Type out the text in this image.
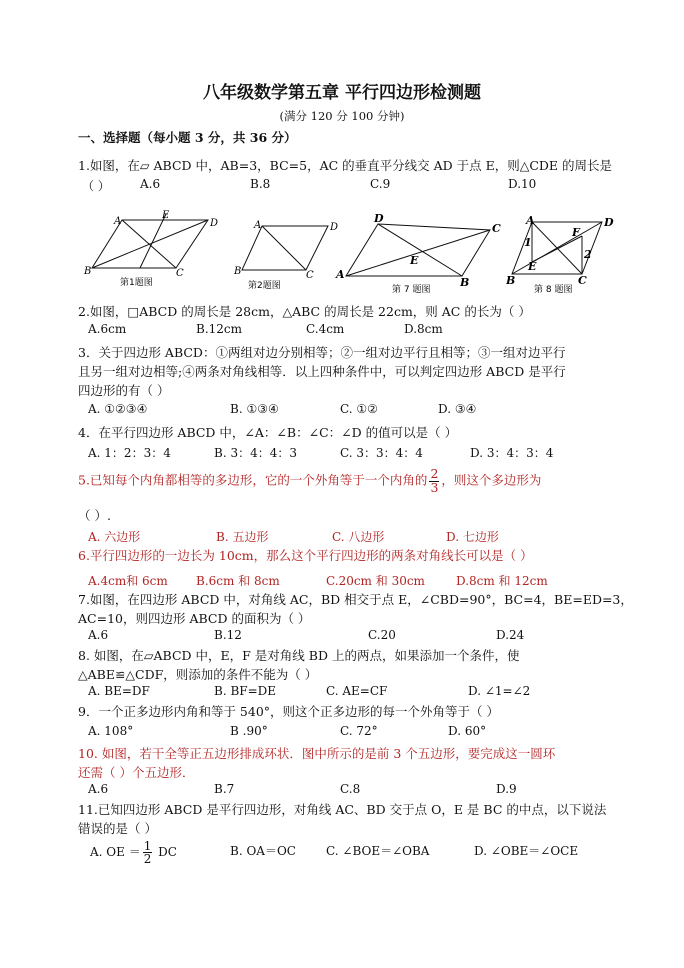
八年级数学第五章 平行四边形检测题
(满分 120 分 100 分钟)
一、选择题（每小题 3 分，共 36 分）
1.如图，在▱ ABCD 中，AB=3，BC=5，AC 的垂直平分线交 AD 于点 E，则△CDE 的周长是
（ ）	A.6	B.8	C.9	D.10
A
E
D
B	C
第1题图
A	D
B	C
第2题图
D
C
E
A
B
第 7 题图
A	D
F
1
2
E
B	C
第 8 题图
2.如图，□ABCD 的周长是 28cm，△ABC 的周长是 22cm，则 AC 的长为（ ）
A.6cm	B.12cm	C.4cm	D.8cm
3．关于四边形 ABCD：①两组对边分别相等；②一组对边平行且相等；③一组对边平行
且另一组对边相等;④两条对角线相等．以上四种条件中，可以判定四边形 ABCD 是平行
四边形的有（ ）
A. ①②③④	B. ①③④	C. ①②	D. ③④
4．在平行四边形 ABCD 中，∠A：∠B：∠C：∠D 的值可以是（ ）
A. 1：2：3：4	B. 3：4：4：3	C. 3：3：4：4	D. 3：4：3：4
5.已知每个内角都相等的多边形，它的一个外角等于一个内角的 $\frac{2}{3}$ ，则这个多边形为
（ ）.
A. 六边形	B. 五边形	C. 八边形	D. 七边形
6.平行四边形的一边长为 10cm，那么这个平行四边形的两条对角线长可以是（ ）
A.4cm和 6cm B.6cm 和 8cm	C.20cm 和 30cm	D.8cm 和 12cm
7.如图，在四边形 ABCD 中，对角线 AC，BD 相交于点 E，∠CBD=90°，BC=4，BE=ED=3，
AC=10，则四边形 ABCD 的面积为（ ）
A.6	B.12	C.20	D.24
8. 如图，在▱ABCD 中，E，F 是对角线 BD 上的两点，如果添加一个条件，使
△ABE≌△CDF，则添加的条件不能为（ ）
A. BE=DF	B. BF=DE	C. AE=CF	D. ∠1=∠2
9．一个正多边形内角和等于 540°，则这个正多边形的每一个外角等于（ ）
A. 108°	B .90°	C. 72°	D. 60°
10. 如图，若干全等正五边形排成环状．图中所示的是前 3 个五边形，要完成这一圆环
还需（ ）个五边形．
A.6	B.7	C.8	D.9
11.已知四边形 ABCD 是平行四边形，对角线 AC、BD 交于点 O，E 是 BC 的中点，以下说法
错误的是（ ）
A. OE ＝ $\frac{1}{2}$ DC	B. OA＝OC	C. ∠BOE＝∠OBA	D. ∠OBE＝∠OCE
